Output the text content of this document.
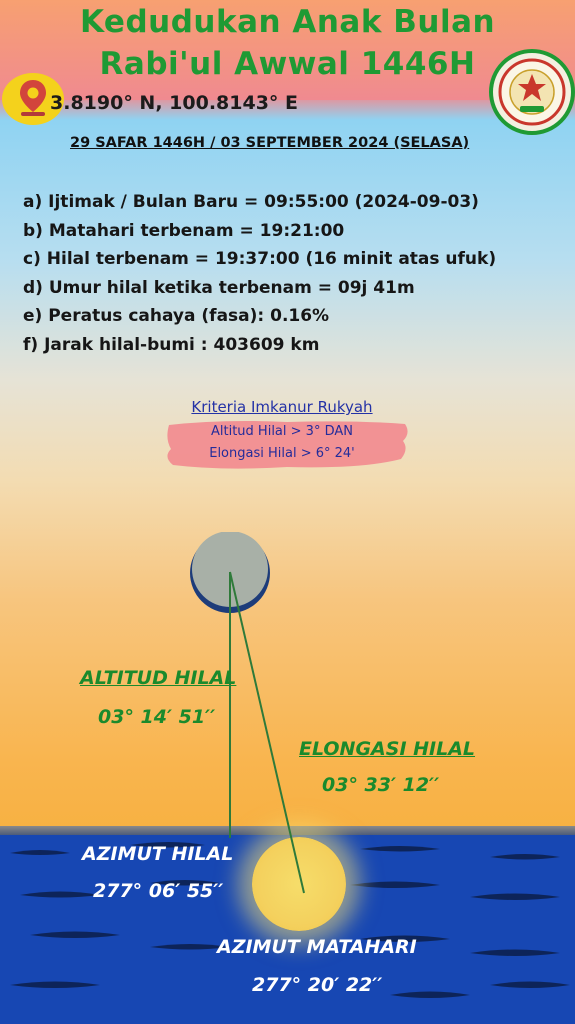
Kedudukan Anak Bulan
Rabi'ul Awwal 1446H
3.8190° N, 100.8143° E
29 SAFAR 1446H / 03 SEPTEMBER 2024 (SELASA)
a) Ijtimak / Bulan Baru = 09:55:00 (2024-09-03)
b) Matahari terbenam = 19:21:00
c) Hilal terbenam = 19:37:00 (16 minit atas ufuk)
d) Umur hilal ketika terbenam = 09j 41m
e) Peratus cahaya (fasa): 0.16%
f) Jarak hilal-bumi : 403609 km
Kriteria Imkanur Rukyah
Altitud Hilal > 3° DAN
Elongasi Hilal > 6° 24'
ALTITUD HILAL
03° 14′ 51′′
ELONGASI HILAL
03° 33′ 12′′
AZIMUT HILAL
277° 06′ 55′′
AZIMUT MATAHARI
277° 20′ 22′′
